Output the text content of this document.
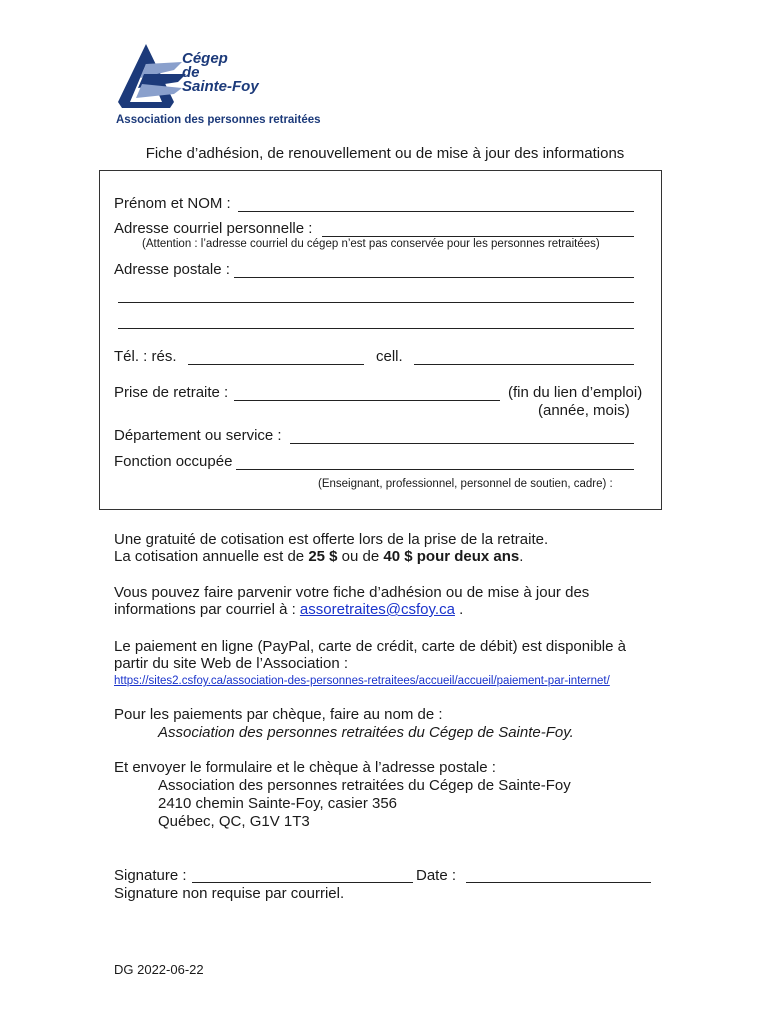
Cégep
de
Sainte-Foy
Association des personnes retraitées
Fiche d’adhésion, de renouvellement ou de mise à jour des informations
Prénom et NOM :
Adresse courriel personnelle :
(Attention : l’adresse courriel du cégep n’est pas conservée pour les personnes retraitées)
Adresse postale :
Tél. : rés.	cell.
Prise de retraite :	(fin du lien d’emploi)
(année, mois)
Département ou service :
Fonction occupée
(Enseignant, professionnel, personnel de soutien, cadre) :
Une gratuité de cotisation est offerte lors de la prise de la retraite.
La cotisation annuelle est de 25 $ ou de 40 $ pour deux ans.
Vous pouvez faire parvenir votre fiche d’adhésion ou de mise à jour des
informations par courriel à : assoretraites@csfoy.ca .
Le paiement en ligne (PayPal, carte de crédit, carte de débit) est disponible à
partir du site Web de l’Association :
https://sites2.csfoy.ca/association-des-personnes-retraitees/accueil/accueil/paiement-par-internet/
Pour les paiements par chèque, faire au nom de :
Association des personnes retraitées du Cégep de Sainte-Foy.
Et envoyer le formulaire et le chèque à l’adresse postale :
Association des personnes retraitées du Cégep de Sainte-Foy
2410 chemin Sainte-Foy, casier 356
Québec, QC, G1V 1T3
Signature :	Date :
Signature non requise par courriel.
DG 2022-06-22
